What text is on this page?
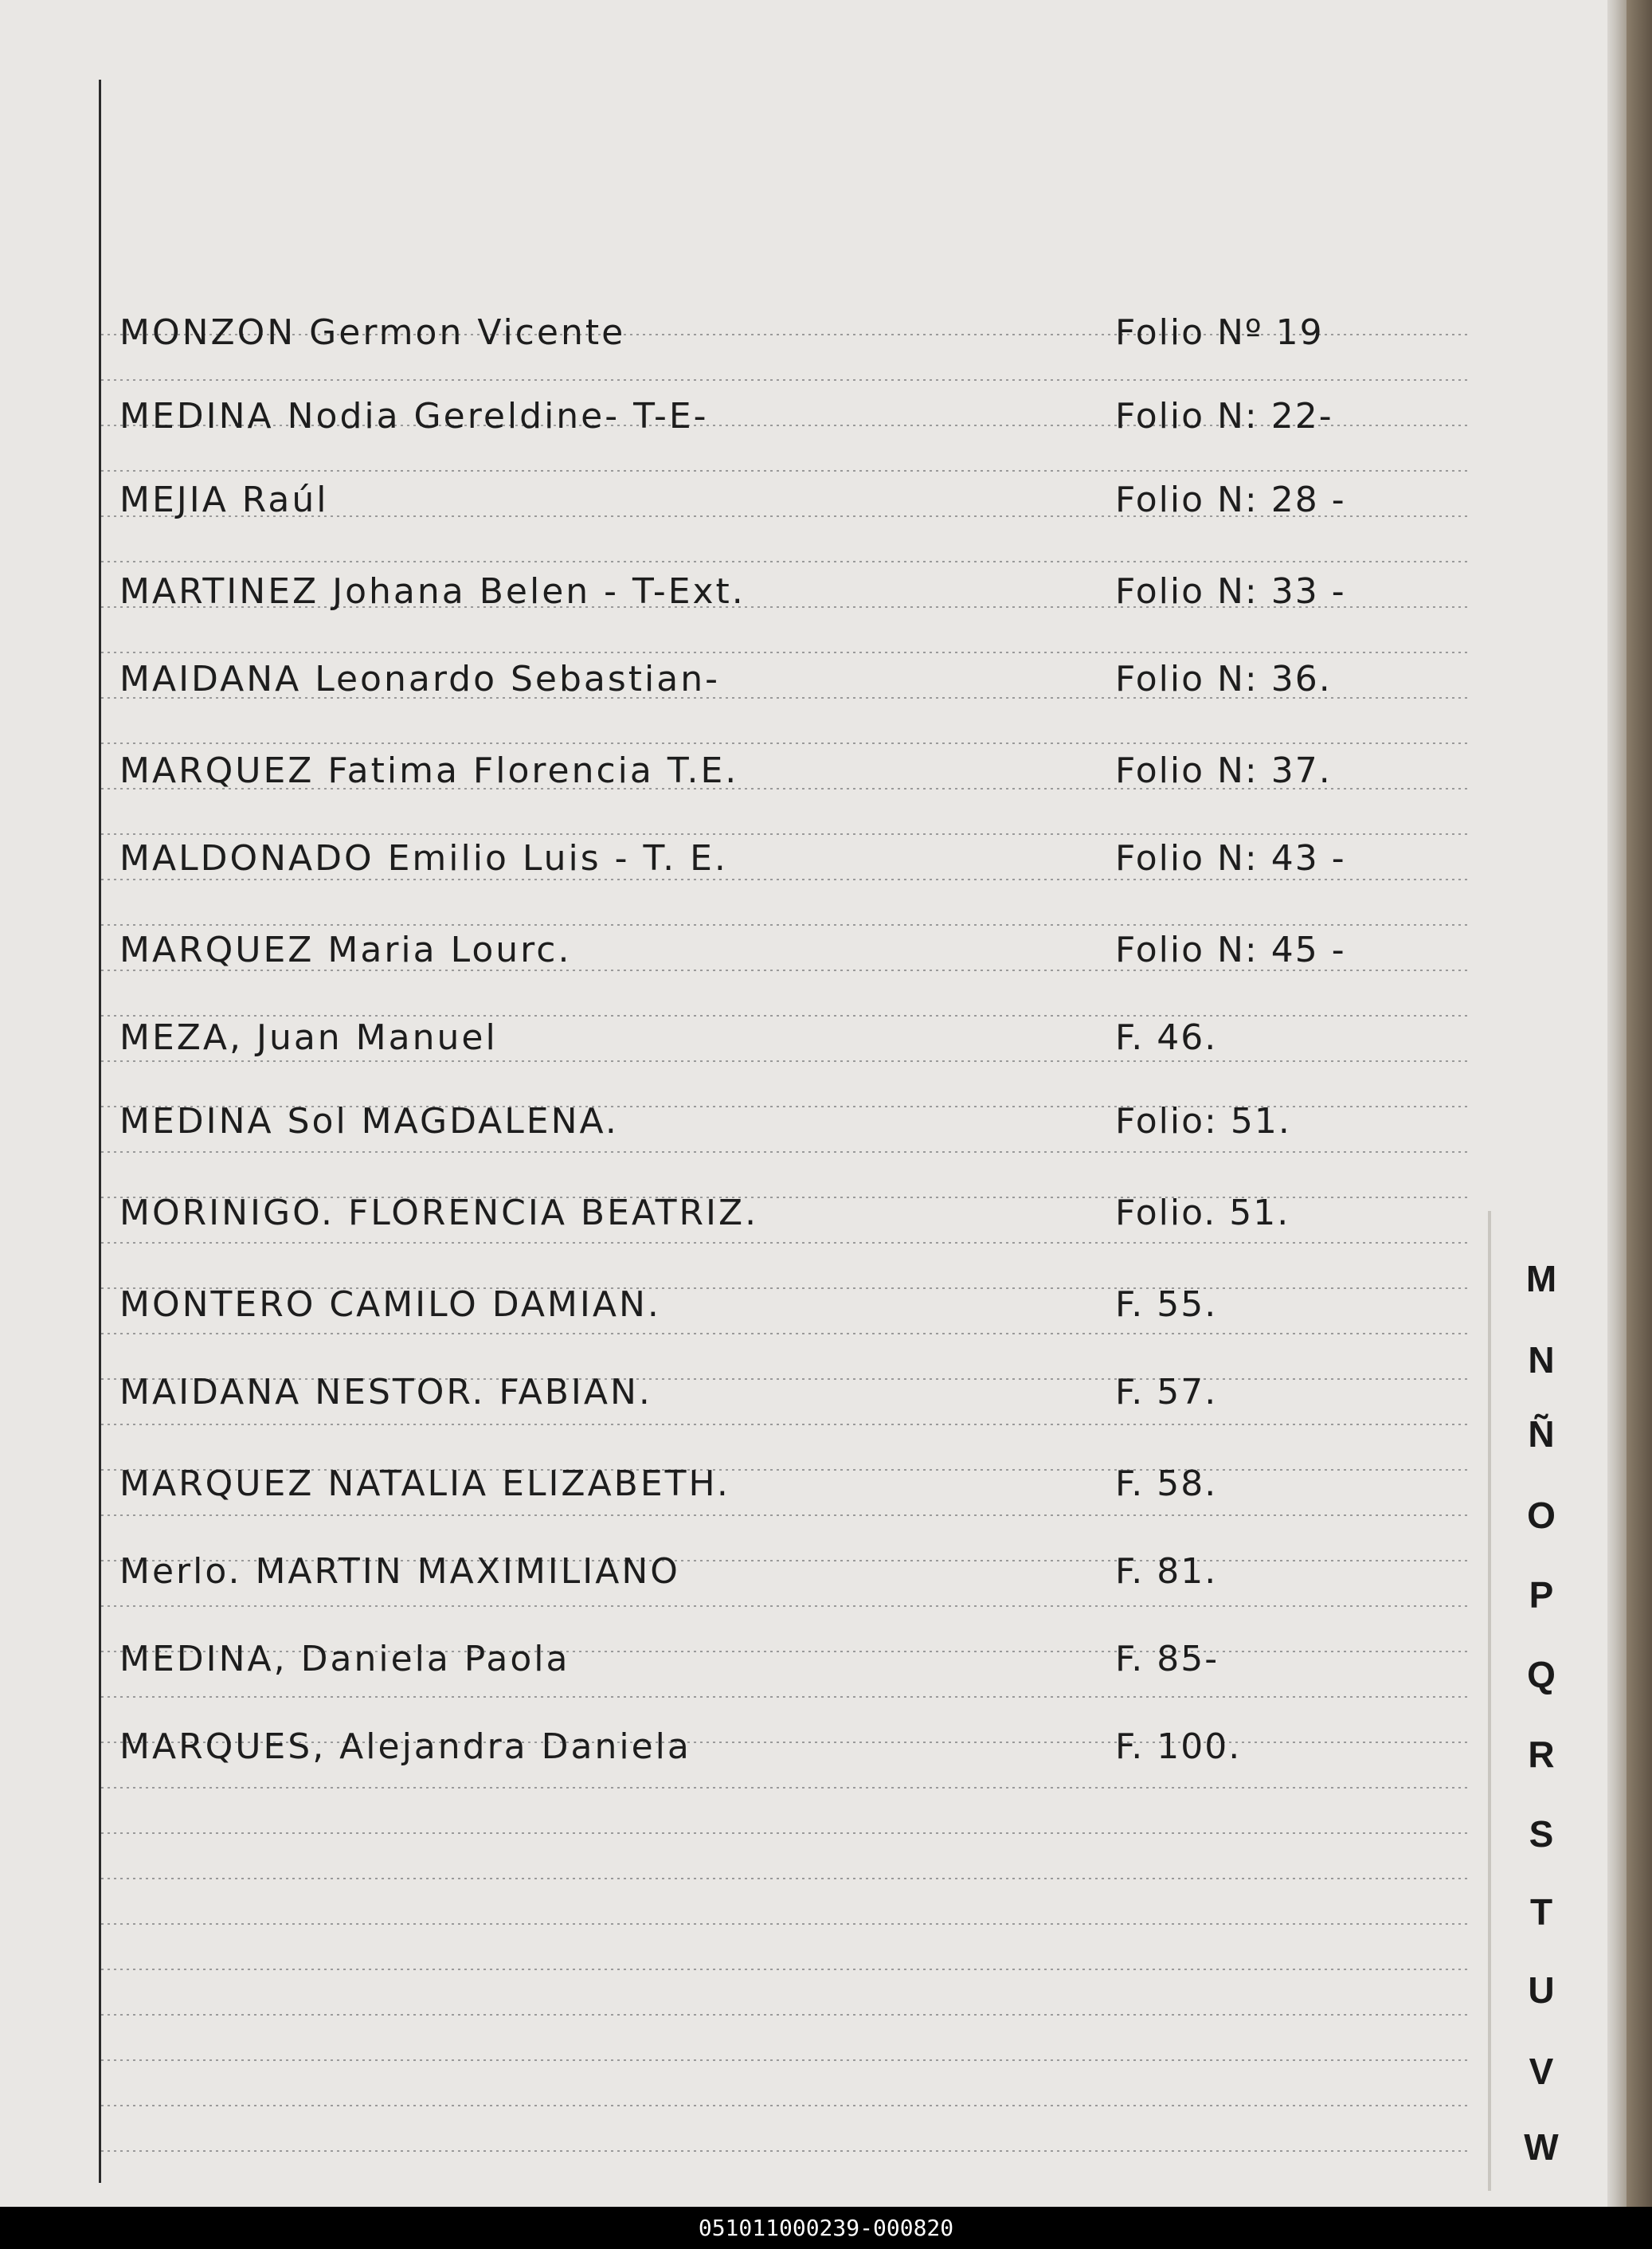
MONZON Germon Vicente	Folio Nº 19
MEDINA Nodia Gereldine- T-E-	Folio N: 22-
MEJIA Raúl	Folio N: 28 -
MARTINEZ Johana Belen - T-Ext.	Folio N: 33 -
MAIDANA Leonardo Sebastian-	Folio N: 36.
MARQUEZ Fatima Florencia T.E.	Folio N: 37.
MALDONADO Emilio Luis - T. E.	Folio N: 43 -
MARQUEZ Maria Lourc.	Folio N: 45 -
MEZA, Juan Manuel	F. 46.
MEDINA Sol MAGDALENA.	Folio: 51.
MORINIGO. FLORENCIA BEATRIZ.	Folio. 51.
MONTERO CAMILO DAMIAN.	F. 55.
MAIDANA NESTOR. FABIAN.	F. 57.
MARQUEZ NATALIA ELIZABETH.	F. 58.
Merlo. MARTIN MAXIMILIANO	F. 81.
MEDINA, Daniela Paola	F. 85-
MARQUES, Alejandra Daniela	F. 100.
M
N
Ñ
O
P
Q
R
S
T
U
V
W
051011000239-000820
